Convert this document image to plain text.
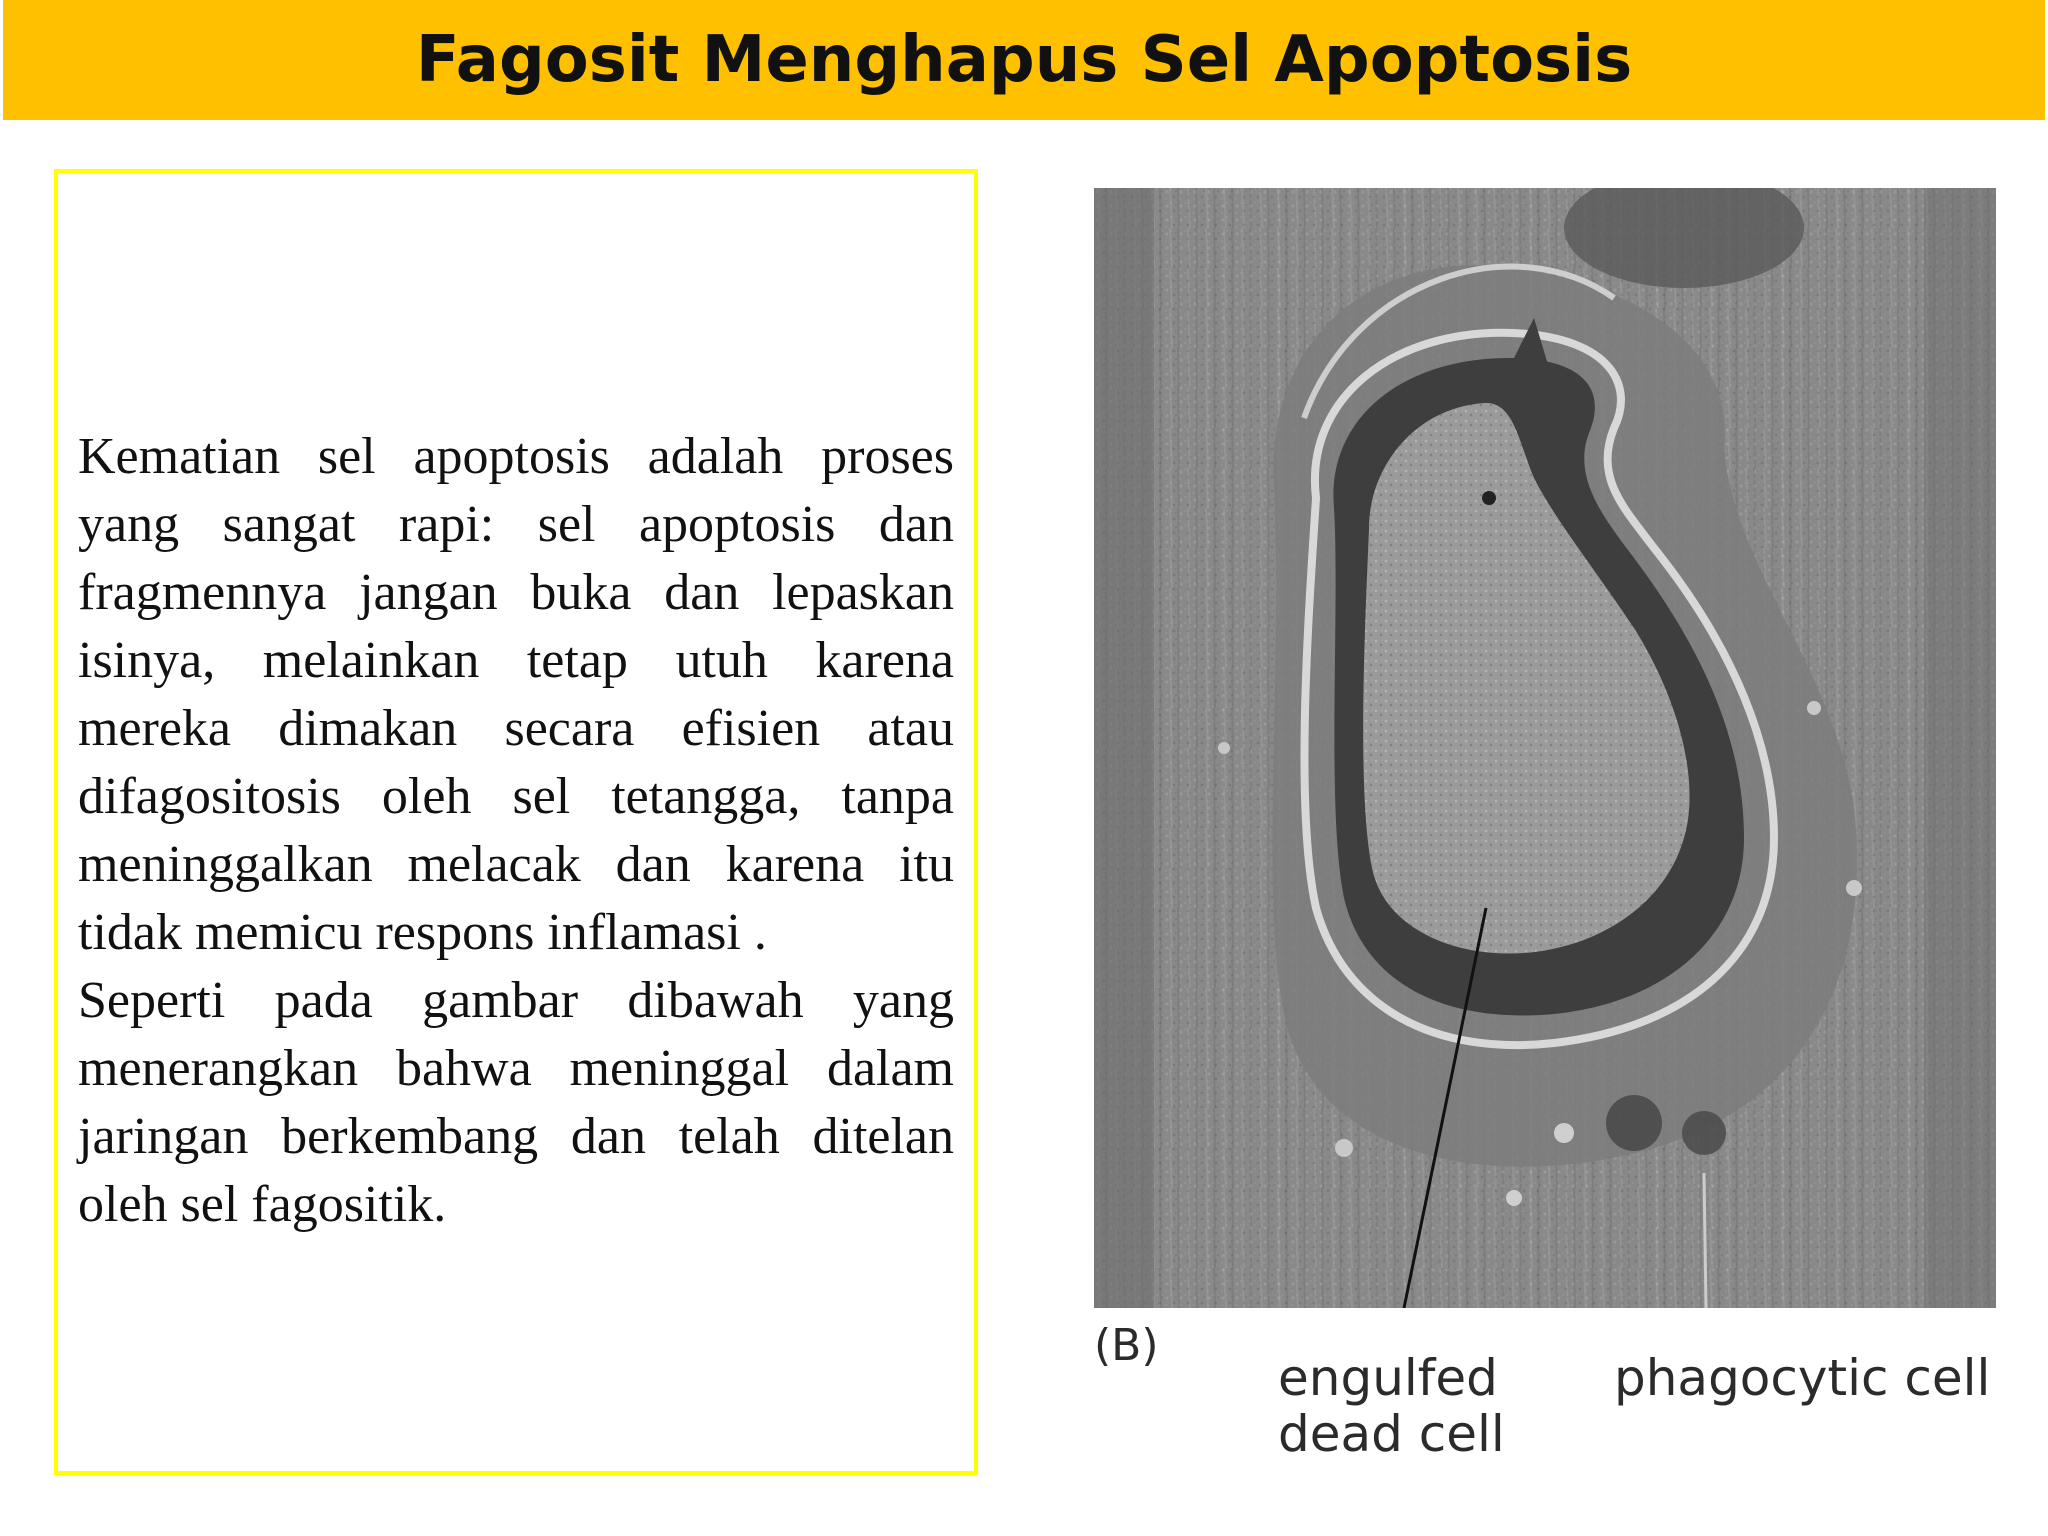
Fagosit Menghapus Sel Apoptosis

Kematian sel apoptosis adalah proses yang sangat rapi: sel apoptosis dan fragmennya jangan buka dan lepaskan isinya, melainkan tetap utuh karena mereka dimakan secara efisien atau difagositosis oleh sel tetangga, tanpa meninggalkan melacak dan karena itu tidak memicu respons inflamasi .

Seperti pada gambar dibawah yang menerangkan bahwa meninggal dalam jaringan berkembang dan telah ditelan oleh sel fagositik.

(B)
engulfed
dead cell
phagocytic cell
